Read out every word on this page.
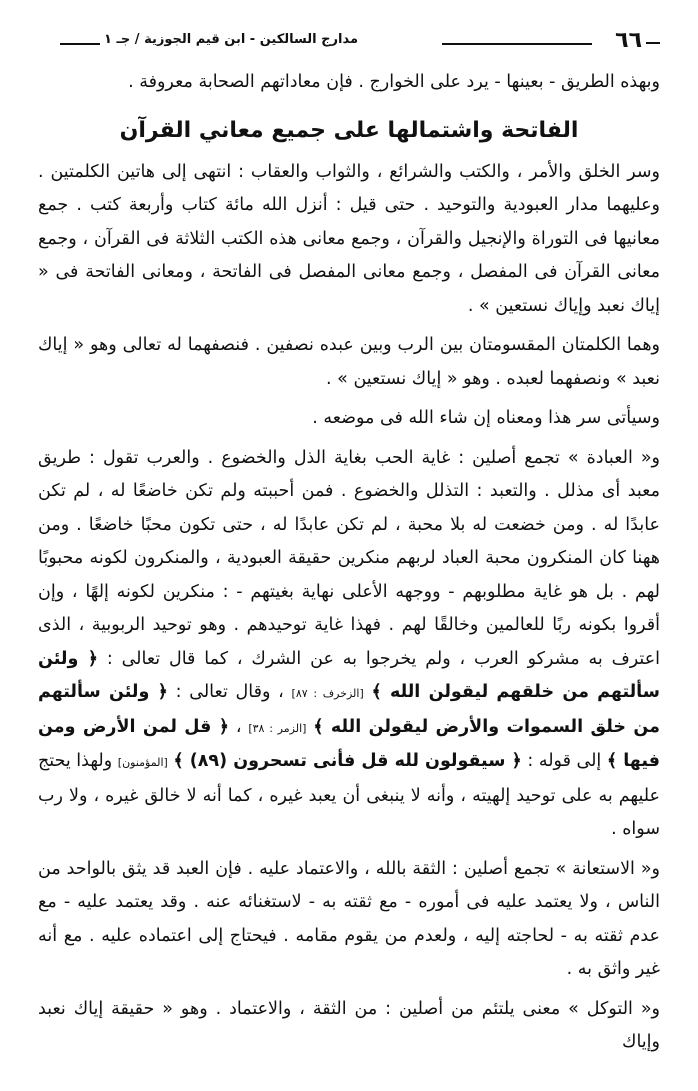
٦٦
مدارج السالكين - ابن قيم الجوزية / جـ ١

وبهذه الطريق - بعينها - يرد على الخوارج . فإن معاداتهم الصحابة معروفة .

الفاتحة واشتمالها على جميع معاني القرآن

وسر الخلق والأمر ، والكتب والشرائع ، والثواب والعقاب : انتهى إلى هاتين الكلمتين . وعليهما مدار العبودية والتوحيد . حتى قيل : أنزل الله مائة كتاب وأربعة كتب . جمع معانيها فى التوراة والإنجيل والقرآن ، وجمع معانى هذه الكتب الثلاثة فى القرآن ، وجمع معانى القرآن فى المفصل ، وجمع معانى المفصل فى الفاتحة ، ومعانى الفاتحة فى « إياك نعبد وإياك نستعين » .

وهما الكلمتان المقسومتان بين الرب وبين عبده نصفين . فنصفهما له تعالى وهو « إياك نعبد » ونصفهما لعبده . وهو « إياك نستعين » .

وسيأتى سر هذا ومعناه إن شاء الله فى موضعه .

و« العبادة » تجمع أصلين : غاية الحب بغاية الذل والخضوع . والعرب تقول : طريق معبد أى مذلل . والتعبد : التذلل والخضوع . فمن أحببته ولم تكن خاضعًا له ، لم تكن عابدًا له . ومن خضعت له بلا محبة ، لم تكن عابدًا له ، حتى تكون محبًا خاضعًا . ومن ههنا كان المنكرون محبة العباد لربهم منكرين حقيقة العبودية ، والمنكرون لكونه محبوبًا لهم . بل هو غاية مطلوبهم - ووجهه الأعلى نهاية بغيتهم - : منكرين لكونه إلهًا ، وإن أقروا بكونه ربًا للعالمين وخالقًا لهم . فهذا غاية توحيدهم . وهو توحيد الربوبية ، الذى اعترف به مشركو العرب ، ولم يخرجوا به عن الشرك ، كما قال تعالى : ﴿ ولئن سألتهم من خلقهم ليقولن الله ﴾ [الزخرف : ٨٧] ، وقال تعالى : ﴿ ولئن سألتهم من خلق السموات والأرض ليقولن الله ﴾ [الزمر : ٣٨] ، ﴿ قل لمن الأرض ومن فيها ﴾ إلى قوله : ﴿ سيقولون لله قل فأنى تسحرون (٨٩) ﴾ [المؤمنون] ولهذا يحتج عليهم به على توحيد إلهيته ، وأنه لا ينبغى أن يعبد غيره ، كما أنه لا خالق غيره ، ولا رب سواه .

و« الاستعانة » تجمع أصلين : الثقة بالله ، والاعتماد عليه . فإن العبد قد يثق بالواحد من الناس ، ولا يعتمد عليه فى أموره - مع ثقته به - لاستغنائه عنه . وقد يعتمد عليه - مع عدم ثقته به - لحاجته إليه ، ولعدم من يقوم مقامه . فيحتاج إلى اعتماده عليه . مع أنه غير واثق به .

و« التوكل » معنى يلتئم من أصلين : من الثقة ، والاعتماد . وهو « حقيقة إياك نعبد وإياك
